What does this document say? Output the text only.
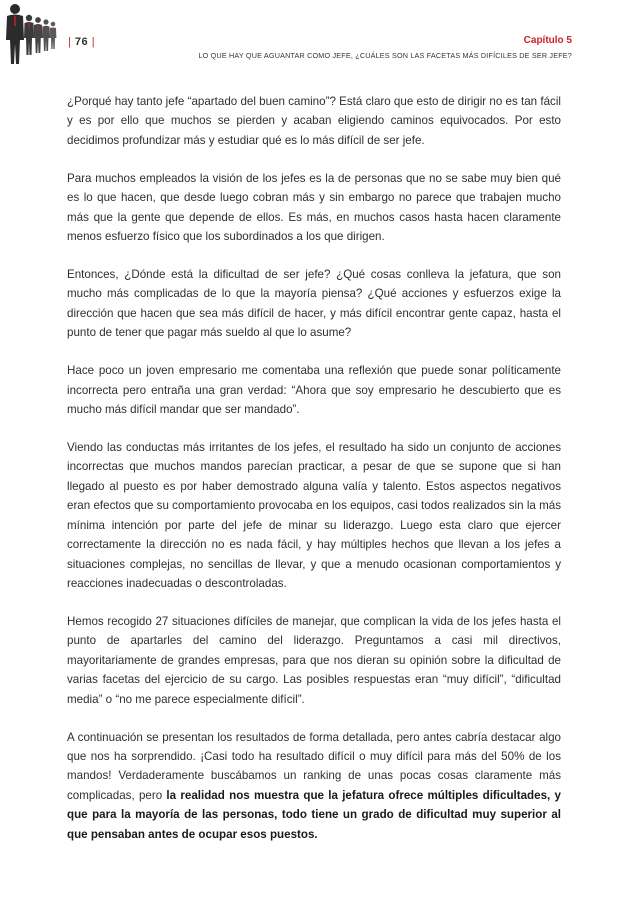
| 76 |	Capítulo 5
LO QUE HAY QUE AGUANTAR COMO JEFE, ¿CUÁLES SON LAS FACETAS MÁS DIFÍCILES DE SER JEFE?

¿Porqué hay tanto jefe “apartado del buen camino”? Está claro que esto de dirigir no es tan fácil y es por ello que muchos se pierden y acaban eligiendo caminos equivocados. Por esto decidimos profundizar más y estudiar qué es lo más difícil de ser jefe.

Para muchos empleados la visión de los jefes es la de personas que no se sabe muy bien qué es lo que hacen, que desde luego cobran más y sin embargo no parece que trabajen mucho más que la gente que depende de ellos. Es más, en muchos casos hasta hacen claramente menos esfuerzo físico que los subordinados a los que dirigen.

Entonces, ¿Dónde está la dificultad de ser jefe? ¿Qué cosas conlleva la jefatura, que son mucho más complicadas de lo que la mayoría piensa? ¿Qué acciones y esfuerzos exige la dirección que hacen que sea más difícil de hacer, y más difícil encontrar gente capaz, hasta el punto de tener que pagar más sueldo al que lo asume?

Hace poco un joven empresario me comentaba una reflexión que puede sonar políticamente incorrecta pero entraña una gran verdad: “Ahora que soy empresario he descubierto que es mucho más difícil mandar que ser mandado”.

Viendo las conductas más irritantes de los jefes, el resultado ha sido un conjunto de acciones incorrectas que muchos mandos parecían practicar, a pesar de que se supone que si han llegado al puesto es por haber demostrado alguna valía y talento. Estos aspectos negativos eran efectos que su comportamiento provocaba en los equipos, casi todos realizados sin la más mínima intención por parte del jefe de minar su liderazgo. Luego esta claro que ejercer correctamente la dirección no es nada fácil, y hay múltiples hechos que llevan a los jefes a situaciones complejas, no sencillas de llevar, y que a menudo ocasionan comportamientos y reacciones inadecuadas o descontroladas.

Hemos recogido 27 situaciones difíciles de manejar, que complican la vida de los jefes hasta el punto de apartarles del camino del liderazgo. Preguntamos a casi mil directivos, mayoritariamente de grandes empresas, para que nos dieran su opinión sobre la dificultad de varias facetas del ejercicio de su cargo. Las posibles respuestas eran “muy difícil”, “dificultad media” o “no me parece especialmente difícil”.

A continuación se presentan los resultados de forma detallada, pero antes cabría destacar algo que nos ha sorprendido. ¡Casi todo ha resultado difícil o muy difícil para más del 50% de los mandos! Verdaderamente buscábamos un ranking de unas pocas cosas claramente más complicadas, pero la realidad nos muestra que la jefatura ofrece múltiples dificultades, y que para la mayoría de las personas, todo tiene un grado de dificultad muy superior al que pensaban antes de ocupar esos puestos.
